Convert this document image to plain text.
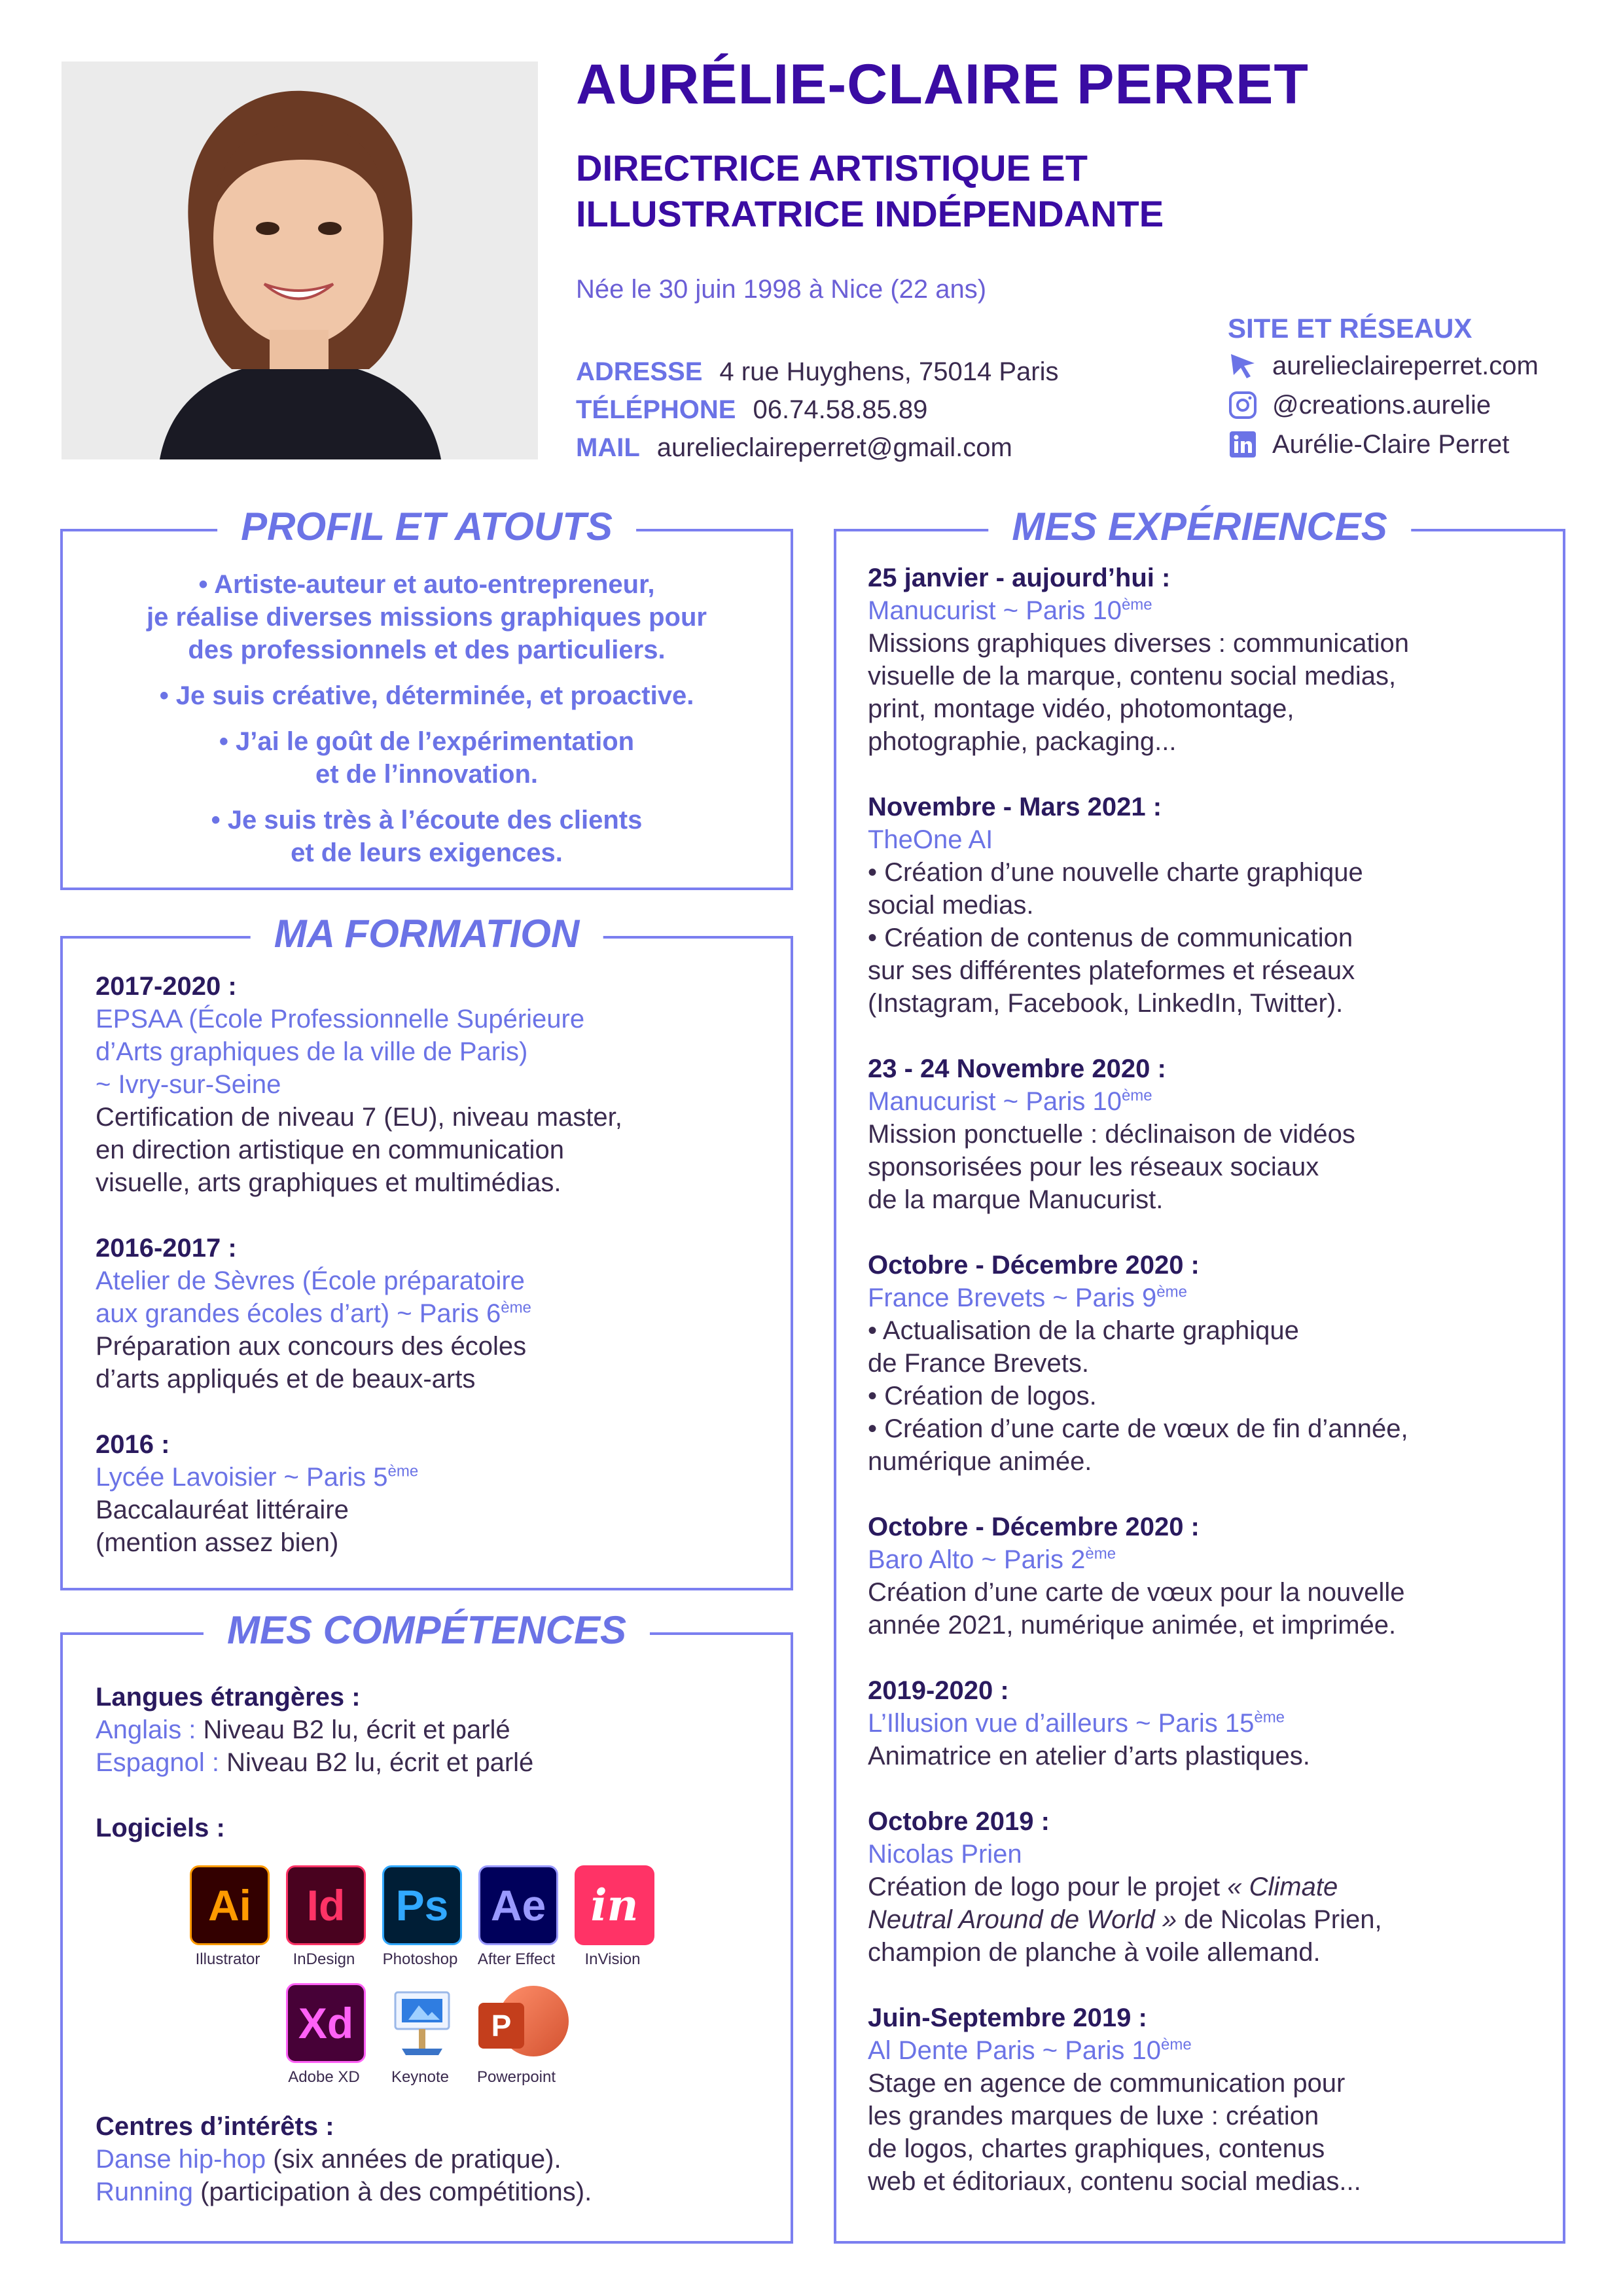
AURÉLIE-CLAIRE PERRET
DIRECTRICE ARTISTIQUE ET
ILLUSTRATRICE INDÉPENDANTE
Née le 30 juin 1998 à Nice (22 ans)
ADRESSE 4 rue Huyghens, 75014 Paris
TÉLÉPHONE 06.74.58.85.89
MAIL aurelieclaireperret@gmail.com
SITE ET RÉSEAUX
aurelieclaireperret.com
@creations.aurelie
Aurélie-Claire Perret
PROFIL ET ATOUTS
• Artiste-auteur et auto-entrepreneur,
je réalise diverses missions graphiques pour
des professionnels et des particuliers.
• Je suis créative, déterminée, et proactive.
• J’ai le goût de l’expérimentation
et de l’innovation.
• Je suis très à l’écoute des clients
et de leurs exigences.
MA FORMATION
2017-2020 :
EPSAA (École Professionnelle Supérieure
d’Arts graphiques de la ville de Paris)
~ Ivry-sur-Seine
Certification de niveau 7 (EU), niveau master,
en direction artistique en communication
visuelle, arts graphiques et multimédias.
2016-2017 :
Atelier de Sèvres (École préparatoire
aux grandes écoles d’art) ~ Paris 6ème
Préparation aux concours des écoles
d’arts appliqués et de beaux-arts
2016 :
Lycée Lavoisier ~ Paris 5ème
Baccalauréat littéraire
(mention assez bien)
MES COMPÉTENCES
Langues étrangères :
Anglais : Niveau B2 lu, écrit et parlé
Espagnol : Niveau B2 lu, écrit et parlé
Logiciels :
Ai
Illustrator
Id
InDesign
Ps
Photoshop
Ae
After Effect
in
InVision
Xd
Adobe XD	Keynote
P
Powerpoint
Centres d’intérêts :
Danse hip-hop (six années de pratique).
Running (participation à des compétitions).
MES EXPÉRIENCES
25 janvier - aujourd’hui :
Manucurist ~ Paris 10ème
Missions graphiques diverses : communication
visuelle de la marque, contenu social medias,
print, montage vidéo, photomontage,
photographie, packaging...
Novembre - Mars 2021 :
TheOne AI
• Création d’une nouvelle charte graphique
social medias.
• Création de contenus de communication
sur ses différentes plateformes et réseaux
(Instagram, Facebook, LinkedIn, Twitter).
23 - 24 Novembre 2020 :
Manucurist ~ Paris 10ème
Mission ponctuelle : déclinaison de vidéos
sponsorisées pour les réseaux sociaux
de la marque Manucurist.
Octobre - Décembre 2020 :
France Brevets ~ Paris 9ème
• Actualisation de la charte graphique
de France Brevets.
• Création de logos.
• Création d’une carte de vœux de fin d’année,
numérique animée.
Octobre - Décembre 2020 :
Baro Alto ~ Paris 2ème
Création d’une carte de vœux pour la nouvelle
année 2021, numérique animée, et imprimée.
2019-2020 :
L’Illusion vue d’ailleurs ~ Paris 15ème
Animatrice en atelier d’arts plastiques.
Octobre 2019 :
Nicolas Prien
Création de logo pour le projet « Climate
Neutral Around de World » de Nicolas Prien,
champion de planche à voile allemand.
Juin-Septembre 2019 :
Al Dente Paris ~ Paris 10ème
Stage en agence de communication pour
les grandes marques de luxe : création
de logos, chartes graphiques, contenus
web et éditoriaux, contenu social medias...
